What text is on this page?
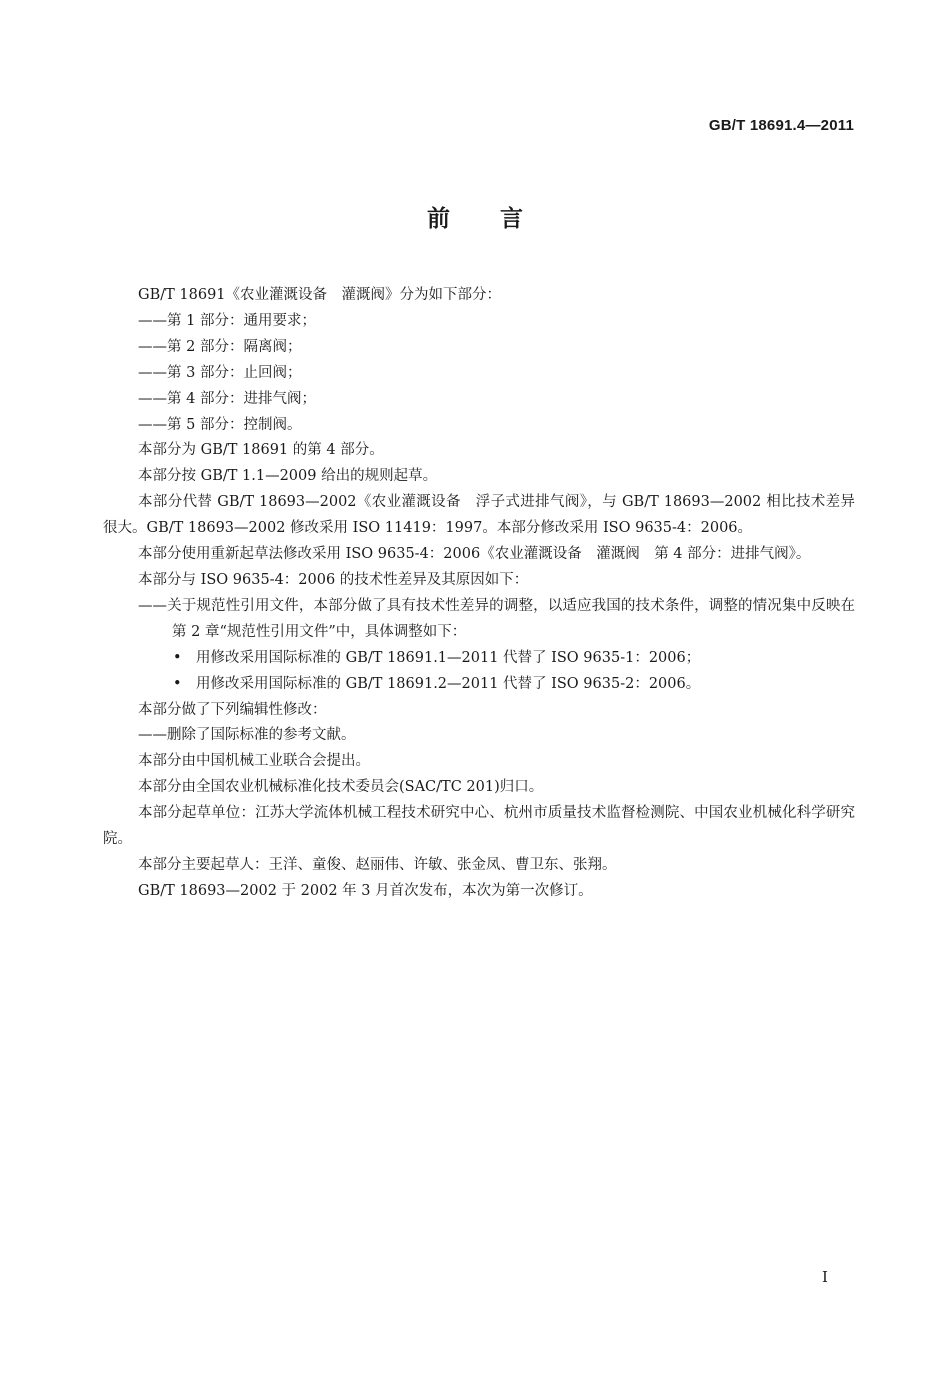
GB/T 18691.4—2011
前言

GB/T 18691《农业灌溉设备　灌溉阀》分为如下部分：

——第 1 部分：通用要求；

——第 2 部分：隔离阀；

——第 3 部分：止回阀；

——第 4 部分：进排气阀；

——第 5 部分：控制阀。

本部分为 GB/T 18691 的第 4 部分。

本部分按 GB/T 1.1—2009 给出的规则起草。

本部分代替 GB/T 18693—2002《农业灌溉设备　浮子式进排气阀》，与 GB/T 18693—2002 相比技术差异很大。GB/T 18693—2002 修改采用 ISO 11419：1997。本部分修改采用 ISO 9635-4：2006。

本部分使用重新起草法修改采用 ISO 9635-4：2006《农业灌溉设备　灌溉阀　第 4 部分：进排气阀》。

本部分与 ISO 9635-4：2006 的技术性差异及其原因如下：

——关于规范性引用文件，本部分做了具有技术性差异的调整，以适应我国的技术条件，调整的情况集中反映在第 2 章“规范性引用文件”中，具体调整如下：

•　用修改采用国际标准的 GB/T 18691.1—2011 代替了 ISO 9635-1：2006；

•　用修改采用国际标准的 GB/T 18691.2—2011 代替了 ISO 9635-2：2006。

本部分做了下列编辑性修改：

——删除了国际标准的参考文献。

本部分由中国机械工业联合会提出。

本部分由全国农业机械标准化技术委员会(SAC/TC 201)归口。

本部分起草单位：江苏大学流体机械工程技术研究中心、杭州市质量技术监督检测院、中国农业机械化科学研究院。

本部分主要起草人：王洋、童俊、赵丽伟、许敏、张金凤、曹卫东、张翔。

GB/T 18693—2002 于 2002 年 3 月首次发布，本次为第一次修订。

I
